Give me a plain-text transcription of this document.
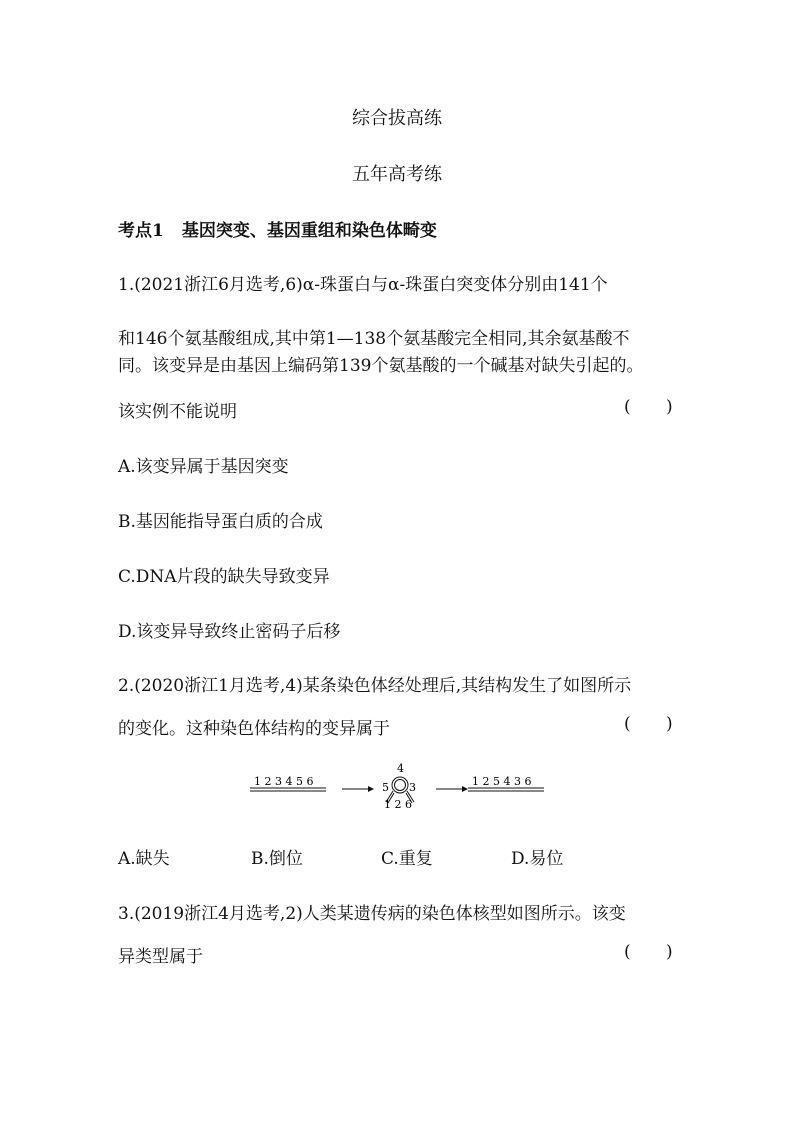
综合拔高练
五年高考练
考点1 基因突变、基因重组和染色体畸变
1.(2021浙江6月选考,6)α-珠蛋白与α-珠蛋白突变体分别由141个
和146个氨基酸组成,其中第1—138个氨基酸完全相同,其余氨基酸不
同。该变异是由基因上编码第139个氨基酸的一个碱基对缺失引起的。
该实例不能说明	( )
A.该变异属于基因突变
B.基因能指导蛋白质的合成
C.DNA片段的缺失导致变异
D.该变异导致终止密码子后移
2.(2020浙江1月选考,4)某条染色体经处理后,其结构发生了如图所示
的变化。这种染色体结构的变异属于	( )
1 2 3 4 5 6
4
5 3
1 2 6
1 2 5 4 3 6
A.缺失	B.倒位	C.重复	D.易位
3.(2019浙江4月选考,2)人类某遗传病的染色体核型如图所示。该变
异类型属于	( )
